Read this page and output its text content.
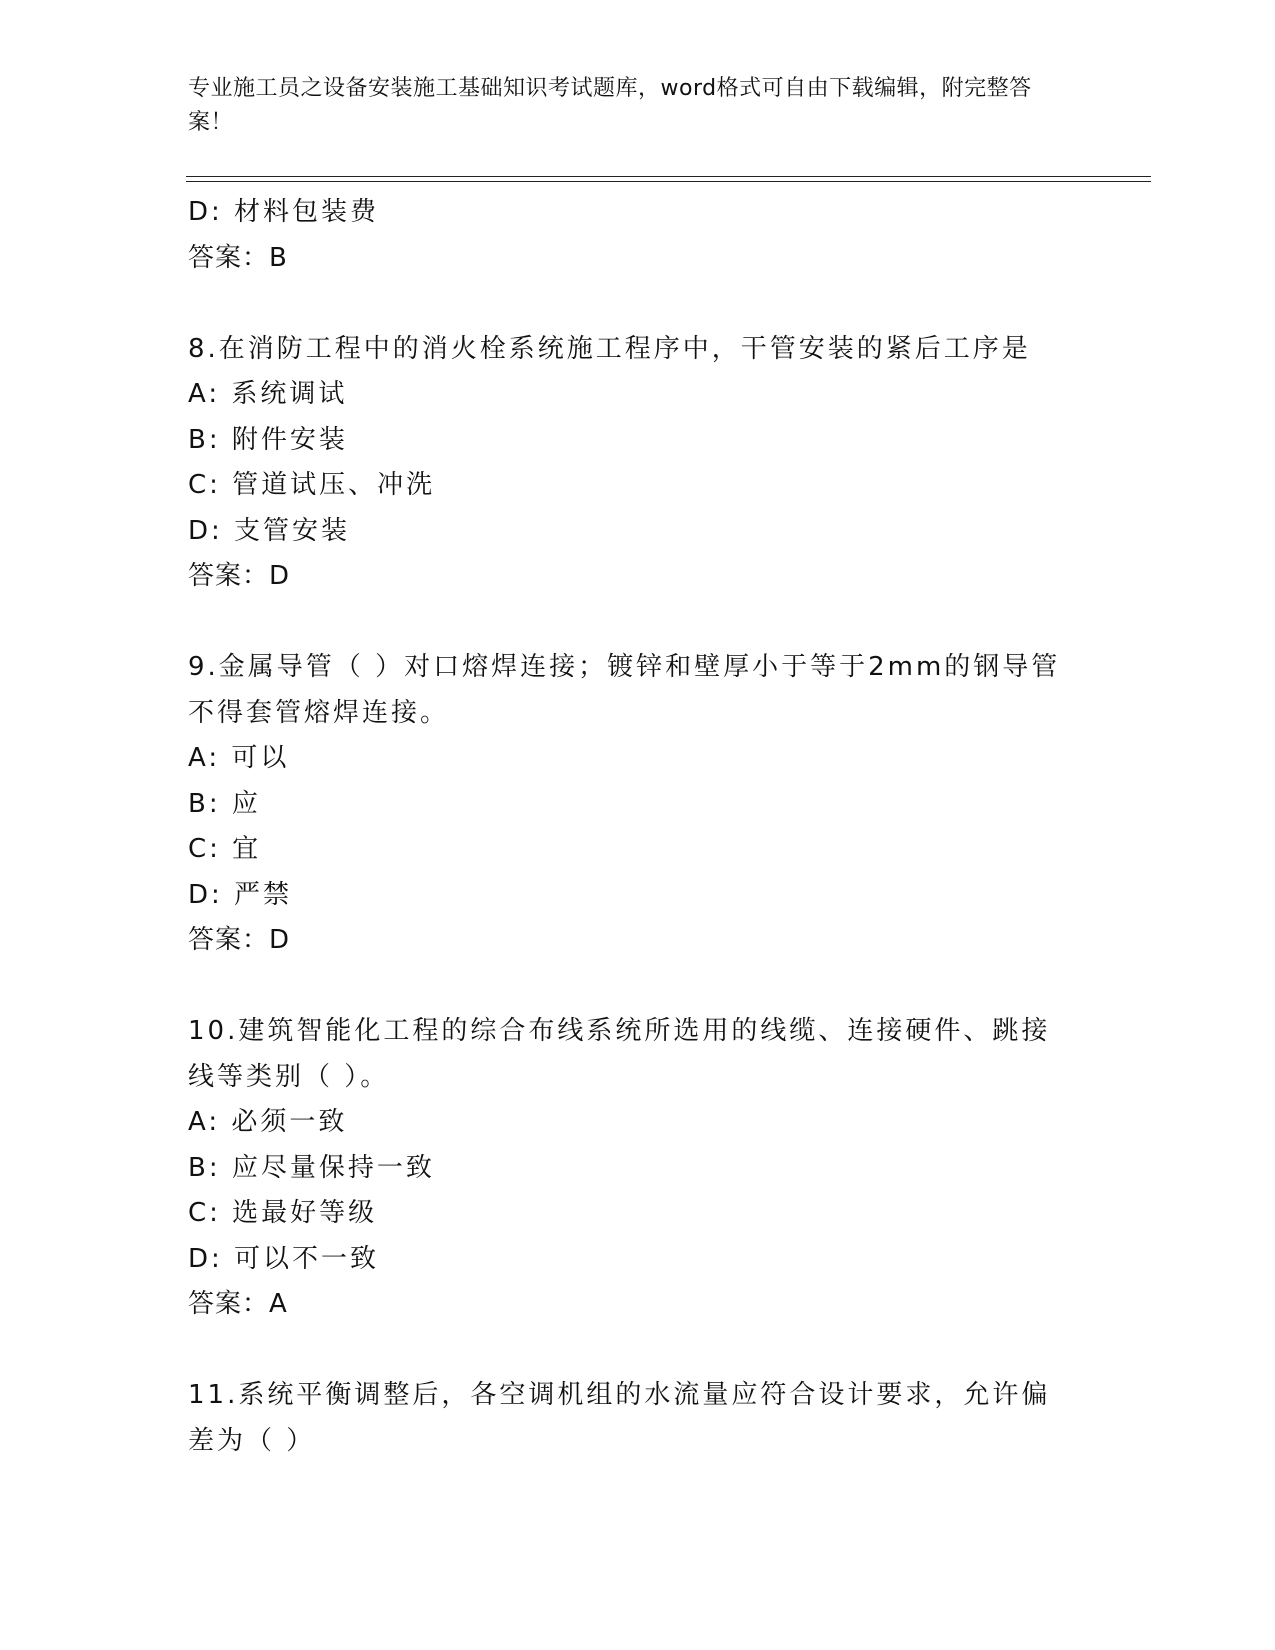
专业施工员之设备安装施工基础知识考试题库，word格式可自由下载编辑，附完整答案！
D: 材料包装费
答案：B
8.在消防工程中的消火栓系统施工程序中，干管安装的紧后工序是
A: 系统调试
B: 附件安装
C: 管道试压、冲洗
D: 支管安装
答案：D
9.金属导管（ ）对口熔焊连接；镀锌和壁厚小于等于2mm的钢导管不得套管熔焊连接。
A: 可以
B: 应
C: 宜
D: 严禁
答案：D
10.建筑智能化工程的综合布线系统所选用的线缆、连接硬件、跳接线等类别（ ）。
A: 必须一致
B: 应尽量保持一致
C: 选最好等级
D: 可以不一致
答案：A
11.系统平衡调整后，各空调机组的水流量应符合设计要求，允许偏差为（ ）
